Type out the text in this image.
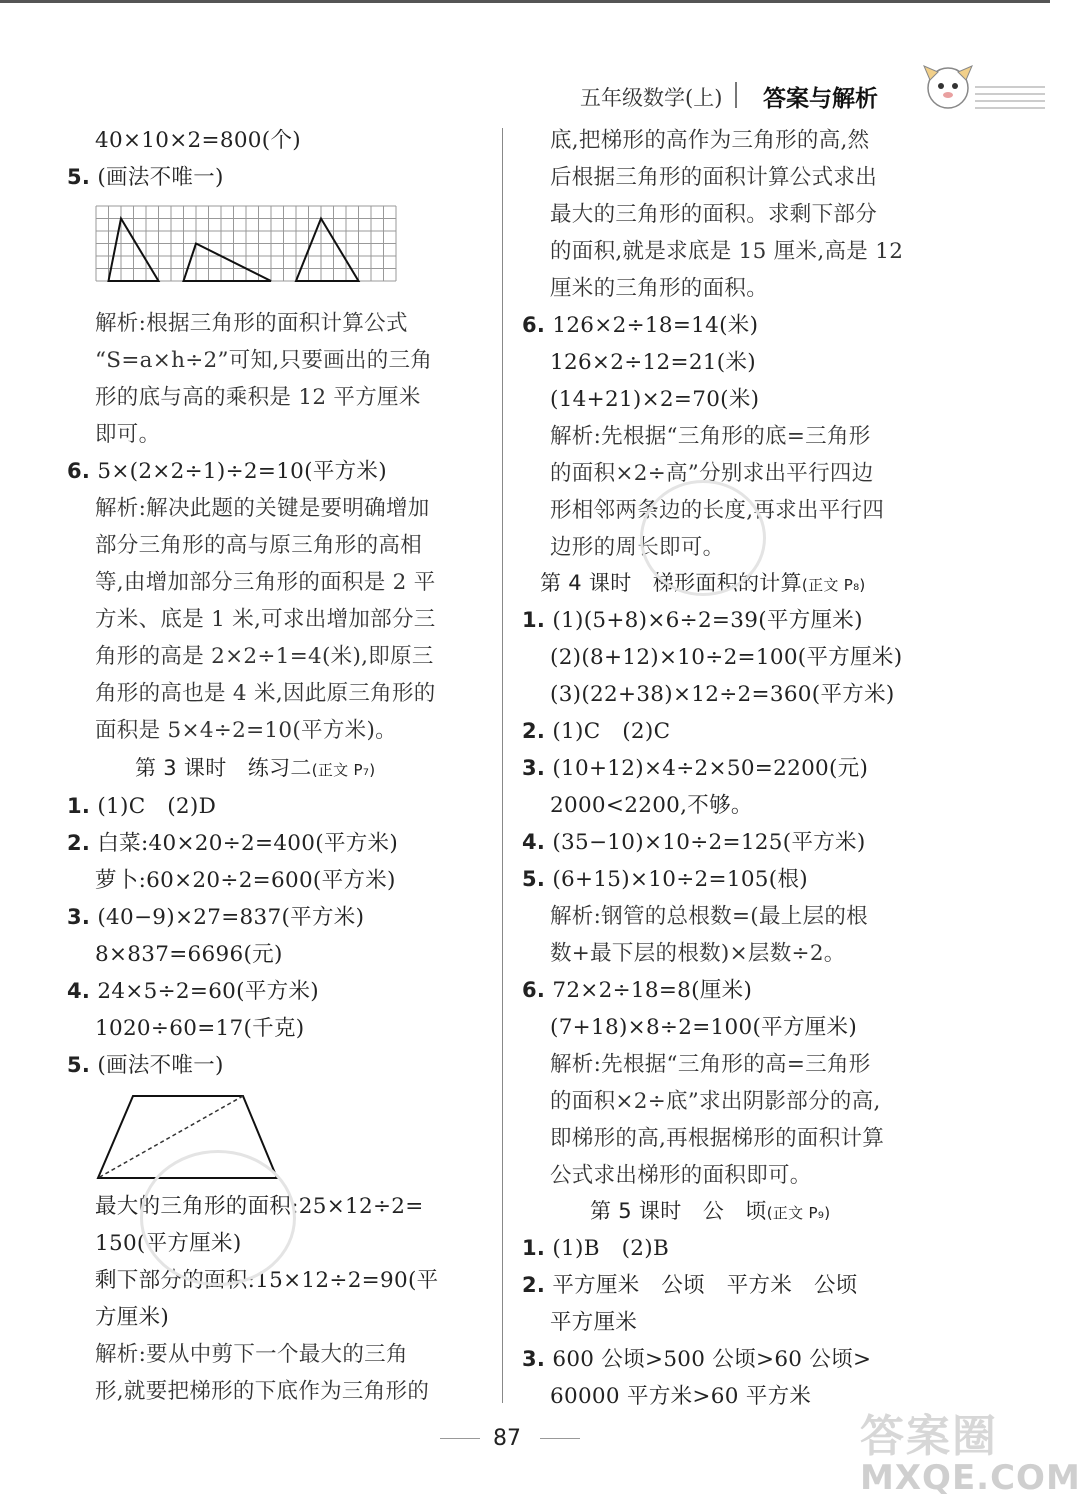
五年级数学(上) 答案与解析
40×10×2=800(个)
5. (画法不唯一)
解析:根据三角形的面积计算公式
“S=a×h÷2”可知,只要画出的三角
形的底与高的乘积是 12 平方厘米
即可。
6. 5×(2×2÷1)÷2=10(平方米)
解析:解决此题的关键是要明确增加
部分三角形的高与原三角形的高相
等,由增加部分三角形的面积是 2 平
方米、底是 1 米,可求出增加部分三
角形的高是 2×2÷1=4(米),即原三
角形的高也是 4 米,因此原三角形的
面积是 5×4÷2=10(平方米)。
第 3 课时　练习二(正文 P₇)
1. (1)C　(2)D
2. 白菜:40×20÷2=400(平方米)
萝卜:60×20÷2=600(平方米)
3. (40−9)×27=837(平方米)
8×837=6696(元)
4. 24×5÷2=60(平方米)
1020÷60=17(千克)
5. (画法不唯一)
最大的三角形的面积:25×12÷2=
150(平方厘米)
剩下部分的面积:15×12÷2=90(平
方厘米)
解析:要从中剪下一个最大的三角
形,就要把梯形的下底作为三角形的
底,把梯形的高作为三角形的高,然
后根据三角形的面积计算公式求出
最大的三角形的面积。求剩下部分
的面积,就是求底是 15 厘米,高是 12
厘米的三角形的面积。
6. 126×2÷18=14(米)
126×2÷12=21(米)
(14+21)×2=70(米)
解析:先根据“三角形的底=三角形
的面积×2÷高”分别求出平行四边
形相邻两条边的长度,再求出平行四
边形的周长即可。
第 4 课时　梯形面积的计算(正文 P₈)
1. (1)(5+8)×6÷2=39(平方厘米)
(2)(8+12)×10÷2=100(平方厘米)
(3)(22+38)×12÷2=360(平方米)
2. (1)C　(2)C
3. (10+12)×4÷2×50=2200(元)
2000<2200,不够。
4. (35−10)×10÷2=125(平方米)
5. (6+15)×10÷2=105(根)
解析:钢管的总根数=(最上层的根
数+最下层的根数)×层数÷2。
6. 72×2÷18=8(厘米)
(7+18)×8÷2=100(平方厘米)
解析:先根据“三角形的高=三角形
的面积×2÷底”求出阴影部分的高,
即梯形的高,再根据梯形的面积计算
公式求出梯形的面积即可。
第 5 课时　公　顷(正文 P₉)
1. (1)B　(2)B
2. 平方厘米　公顷　平方米　公顷
平方厘米
3. 600 公顷>500 公顷>60 公顷>
60000 平方米>60 平方米
87	答案圈
MXQE.COM
